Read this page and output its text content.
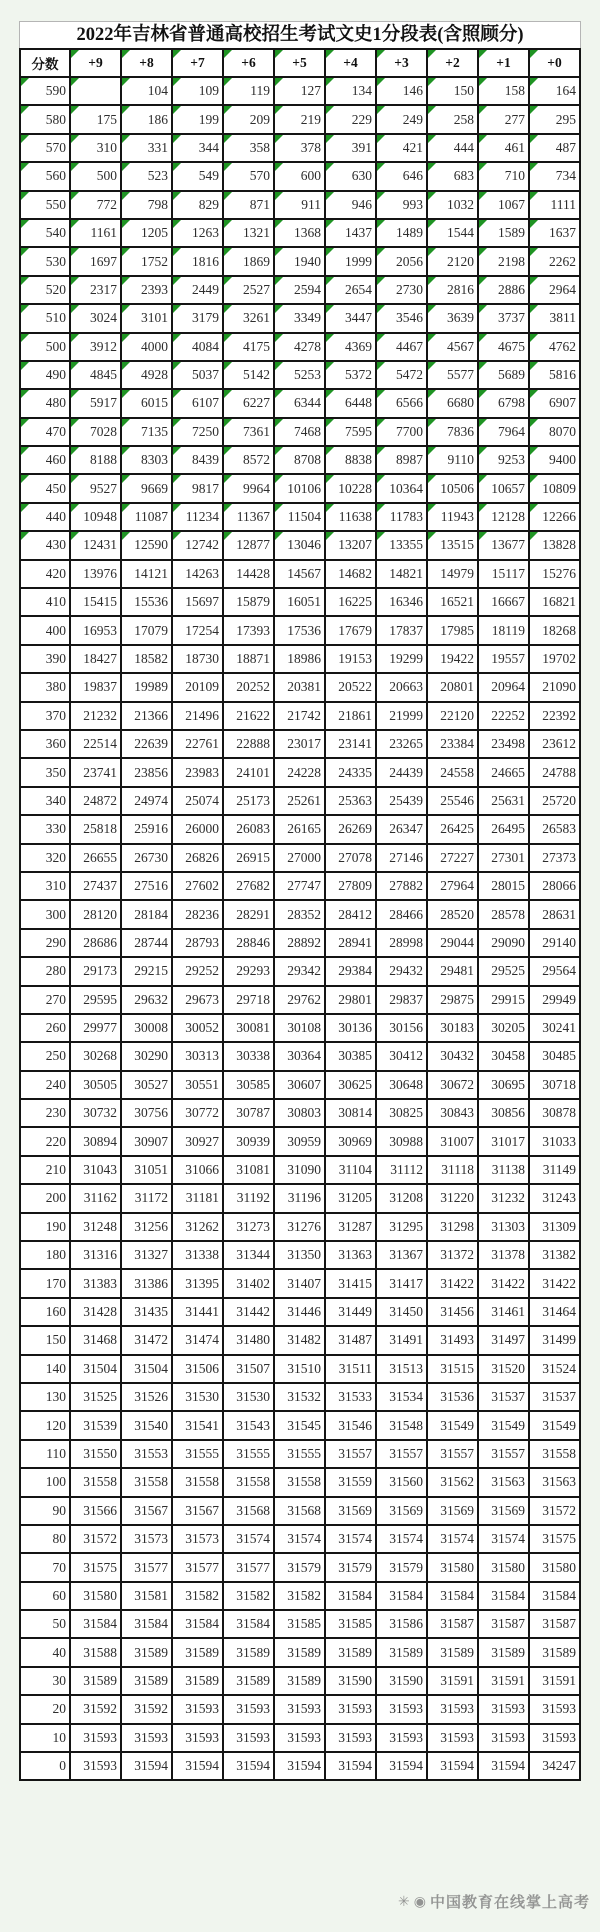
2022年吉林省普通高校招生考试文史1分段表(含照顾分)
分数	+9	+8	+7	+6	+5	+4	+3	+2	+1	+0

590		104	109	119	127	134	146	150	158	164

580	175	186	199	209	219	229	249	258	277	295

570	310	331	344	358	378	391	421	444	461	487

560	500	523	549	570	600	630	646	683	710	734

550	772	798	829	871	911	946	993	1032	1067	1111

540	1161	1205	1263	1321	1368	1437	1489	1544	1589	1637

530	1697	1752	1816	1869	1940	1999	2056	2120	2198	2262

520	2317	2393	2449	2527	2594	2654	2730	2816	2886	2964

510	3024	3101	3179	3261	3349	3447	3546	3639	3737	3811

500	3912	4000	4084	4175	4278	4369	4467	4567	4675	4762

490	4845	4928	5037	5142	5253	5372	5472	5577	5689	5816

480	5917	6015	6107	6227	6344	6448	6566	6680	6798	6907

470	7028	7135	7250	7361	7468	7595	7700	7836	7964	8070

460	8188	8303	8439	8572	8708	8838	8987	9110	9253	9400

450	9527	9669	9817	9964	10106	10228	10364	10506	10657	10809

440	10948	11087	11234	11367	11504	11638	11783	11943	12128	12266

430	12431	12590	12742	12877	13046	13207	13355	13515	13677	13828

420	13976	14121	14263	14428	14567	14682	14821	14979	15117	15276
410	15415	15536	15697	15879	16051	16225	16346	16521	16667	16821
400	16953	17079	17254	17393	17536	17679	17837	17985	18119	18268
390	18427	18582	18730	18871	18986	19153	19299	19422	19557	19702
380	19837	19989	20109	20252	20381	20522	20663	20801	20964	21090
370	21232	21366	21496	21622	21742	21861	21999	22120	22252	22392
360	22514	22639	22761	22888	23017	23141	23265	23384	23498	23612
350	23741	23856	23983	24101	24228	24335	24439	24558	24665	24788
340	24872	24974	25074	25173	25261	25363	25439	25546	25631	25720
330	25818	25916	26000	26083	26165	26269	26347	26425	26495	26583
320	26655	26730	26826	26915	27000	27078	27146	27227	27301	27373
310	27437	27516	27602	27682	27747	27809	27882	27964	28015	28066
300	28120	28184	28236	28291	28352	28412	28466	28520	28578	28631
290	28686	28744	28793	28846	28892	28941	28998	29044	29090	29140
280	29173	29215	29252	29293	29342	29384	29432	29481	29525	29564
270	29595	29632	29673	29718	29762	29801	29837	29875	29915	29949
260	29977	30008	30052	30081	30108	30136	30156	30183	30205	30241
250	30268	30290	30313	30338	30364	30385	30412	30432	30458	30485
240	30505	30527	30551	30585	30607	30625	30648	30672	30695	30718
230	30732	30756	30772	30787	30803	30814	30825	30843	30856	30878
220	30894	30907	30927	30939	30959	30969	30988	31007	31017	31033
210	31043	31051	31066	31081	31090	31104	31112	31118	31138	31149
200	31162	31172	31181	31192	31196	31205	31208	31220	31232	31243
190	31248	31256	31262	31273	31276	31287	31295	31298	31303	31309
180	31316	31327	31338	31344	31350	31363	31367	31372	31378	31382
170	31383	31386	31395	31402	31407	31415	31417	31422	31422	31422
160	31428	31435	31441	31442	31446	31449	31450	31456	31461	31464
150	31468	31472	31474	31480	31482	31487	31491	31493	31497	31499
140	31504	31504	31506	31507	31510	31511	31513	31515	31520	31524
130	31525	31526	31530	31530	31532	31533	31534	31536	31537	31537
120	31539	31540	31541	31543	31545	31546	31548	31549	31549	31549
110	31550	31553	31555	31555	31555	31557	31557	31557	31557	31558
100	31558	31558	31558	31558	31558	31559	31560	31562	31563	31563
90	31566	31567	31567	31568	31568	31569	31569	31569	31569	31572
80	31572	31573	31573	31574	31574	31574	31574	31574	31574	31575
70	31575	31577	31577	31577	31579	31579	31579	31580	31580	31580
60	31580	31581	31582	31582	31582	31584	31584	31584	31584	31584
50	31584	31584	31584	31584	31585	31585	31586	31587	31587	31587
40	31588	31589	31589	31589	31589	31589	31589	31589	31589	31589
30	31589	31589	31589	31589	31589	31590	31590	31591	31591	31591
20	31592	31592	31593	31593	31593	31593	31593	31593	31593	31593
10	31593	31593	31593	31593	31593	31593	31593	31593	31593	31593
0	31593	31594	31594	31594	31594	31594	31594	31594	31594	34247
✳ ◉ 中国教育在线掌上高考
